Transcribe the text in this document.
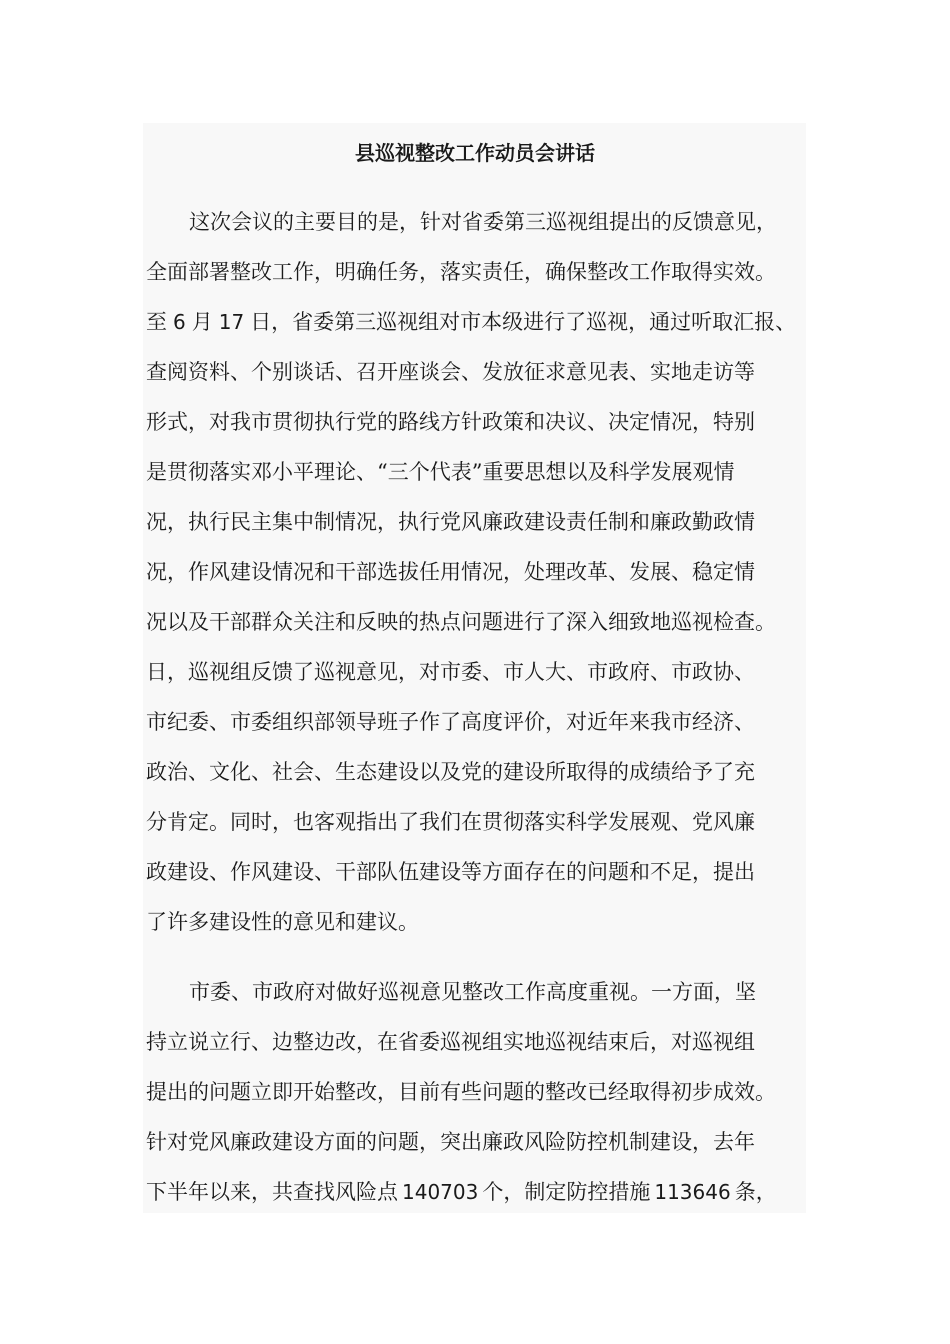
县巡视整改工作动员会讲话

这次会议的主要目的是，针对省委第三巡视组提出的反馈意见，

全面部署整改工作，明确任务，落实责任，确保整改工作取得实效。

至 6 月 17 日，省委第三巡视组对市本级进行了巡视，通过听取汇报、

查阅资料、个别谈话、召开座谈会、发放征求意见表、实地走访等

形式，对我市贯彻执行党的路线方针政策和决议、决定情况，特别

是贯彻落实邓小平理论、“三个代表”重要思想以及科学发展观情

况，执行民主集中制情况，执行党风廉政建设责任制和廉政勤政情

况，作风建设情况和干部选拔任用情况，处理改革、发展、稳定情

况以及干部群众关注和反映的热点问题进行了深入细致地巡视检查。

日，巡视组反馈了巡视意见，对市委、市人大、市政府、市政协、

市纪委、市委组织部领导班子作了高度评价，对近年来我市经济、

政治、文化、社会、生态建设以及党的建设所取得的成绩给予了充

分肯定。同时，也客观指出了我们在贯彻落实科学发展观、党风廉

政建设、作风建设、干部队伍建设等方面存在的问题和不足，提出

了许多建设性的意见和建议。

市委、市政府对做好巡视意见整改工作高度重视。一方面，坚

持立说立行、边整边改，在省委巡视组实地巡视结束后，对巡视组

提出的问题立即开始整改，目前有些问题的整改已经取得初步成效。

针对党风廉政建设方面的问题，突出廉政风险防控机制建设，去年

下半年以来，共查找风险点 140703 个，制定防控措施 113646 条，
